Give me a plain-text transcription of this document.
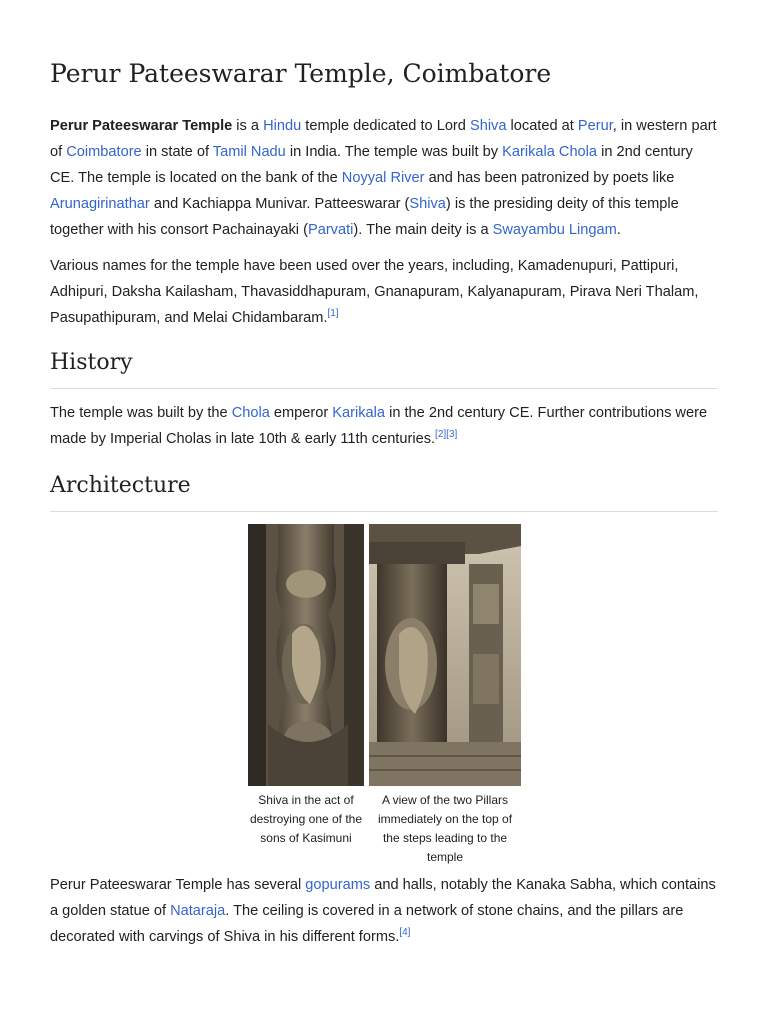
Perur Pateeswarar Temple, Coimbatore

Perur Pateeswarar Temple is a Hindu temple dedicated to Lord Shiva located at Perur, in western part of Coimbatore in state of Tamil Nadu in India. The temple was built by Karikala Chola in 2nd century CE. The temple is located on the bank of the Noyyal River and has been patronized by poets like Arunagirinathar and Kachiappa Munivar. Patteeswarar (Shiva) is the presiding deity of this temple together with his consort Pachainayaki (Parvati). The main deity is a Swayambu Lingam.

Various names for the temple have been used over the years, including, Kamadenupuri, Pattipuri, Adhipuri, Daksha Kailasham, Thavasiddhapuram, Gnanapuram, Kalyanapuram, Pirava Neri Thalam, Pasupathipuram, and Melai Chidambaram.[1]

History

The temple was built by the Chola emperor Karikala in the 2nd century CE. Further contributions were made by Imperial Cholas in late 10th & early 11th centuries.[2][3]

Architecture
Shiva in the act of destroying one of the sons of Kasimuni
A view of the two Pillars immediately on the top of the steps leading to the temple

Perur Pateeswarar Temple has several gopurams and halls, notably the Kanaka Sabha, which contains a golden statue of Nataraja. The ceiling is covered in a network of stone chains, and the pillars are decorated with carvings of Shiva in his different forms.[4]
